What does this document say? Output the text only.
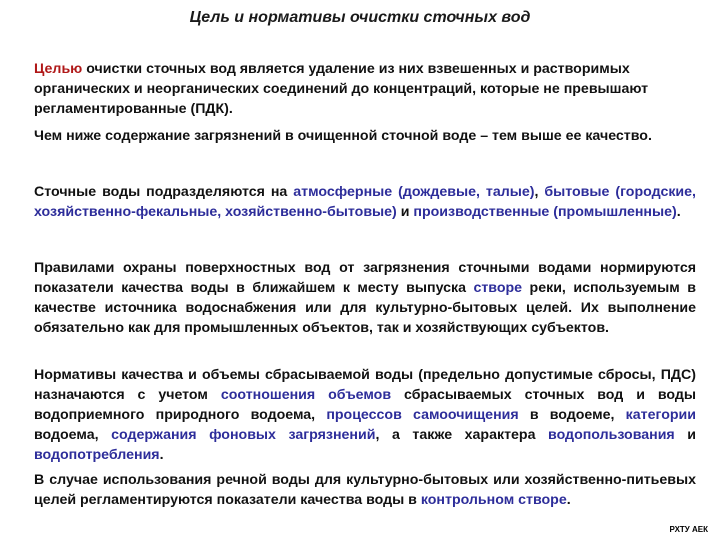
Цель и нормативы очистки сточных вод
Целью очистки сточных вод является удаление из них взвешенных и растворимых органических и неорганических соединений до концентраций, которые не превышают регламентированные (ПДК).
Чем ниже содержание загрязнений в очищенной сточной воде – тем выше ее качество.
Сточные воды подразделяются на атмосферные (дождевые, талые), бытовые (городские, хозяйственно-фекальные, хозяйственно-бытовые) и производственные (промышленные).
Правилами охраны поверхностных вод от загрязнения сточными водами нормируются показатели качества воды в ближайшем к месту выпуска створе реки, используемым в качестве источника водоснабжения или для культурно-бытовых целей. Их выполнение обязательно как для промышленных объектов, так и хозяйствующих субъектов.
Нормативы качества и объемы сбрасываемой воды (предельно допустимые сбросы, ПДС) назначаются с учетом соотношения объемов сбрасываемых сточных вод и воды водоприемного природного водоема, процессов самоочищения в водоеме, категории водоема, содержания фоновых загрязнений, а также характера водопользования и водопотребления.
В случае использования речной воды для культурно-бытовых или хозяйственно-питьевых целей регламентируются показатели качества воды в контрольном створе.
РХТУ АЕК
